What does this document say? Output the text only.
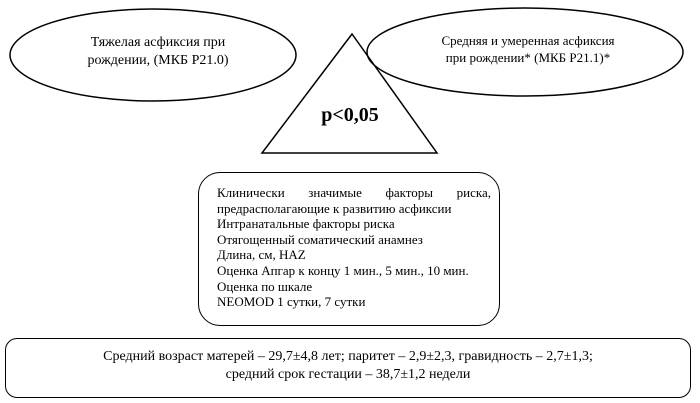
Тяжелая асфиксия при
рождении, (МКБ Р21.0)
Средняя и умеренная асфиксия
при рождении* (МКБ Р21.1)*
p<0,05
Клинически значимые факторы риска,
предрасполагающие к развитию асфиксии
Интранатальные факторы риска
Отягощенный соматический анамнез
Длина, см, HAZ
Оценка Апгар к концу 1 мин., 5 мин., 10 мин.
Оценка по шкале
NEOMOD 1 сутки, 7 сутки
Средний возраст матерей – 29,7±4,8 лет; паритет – 2,9±2,3, гравидность – 2,7±1,3;
средний срок гестации – 38,7±1,2 недели
